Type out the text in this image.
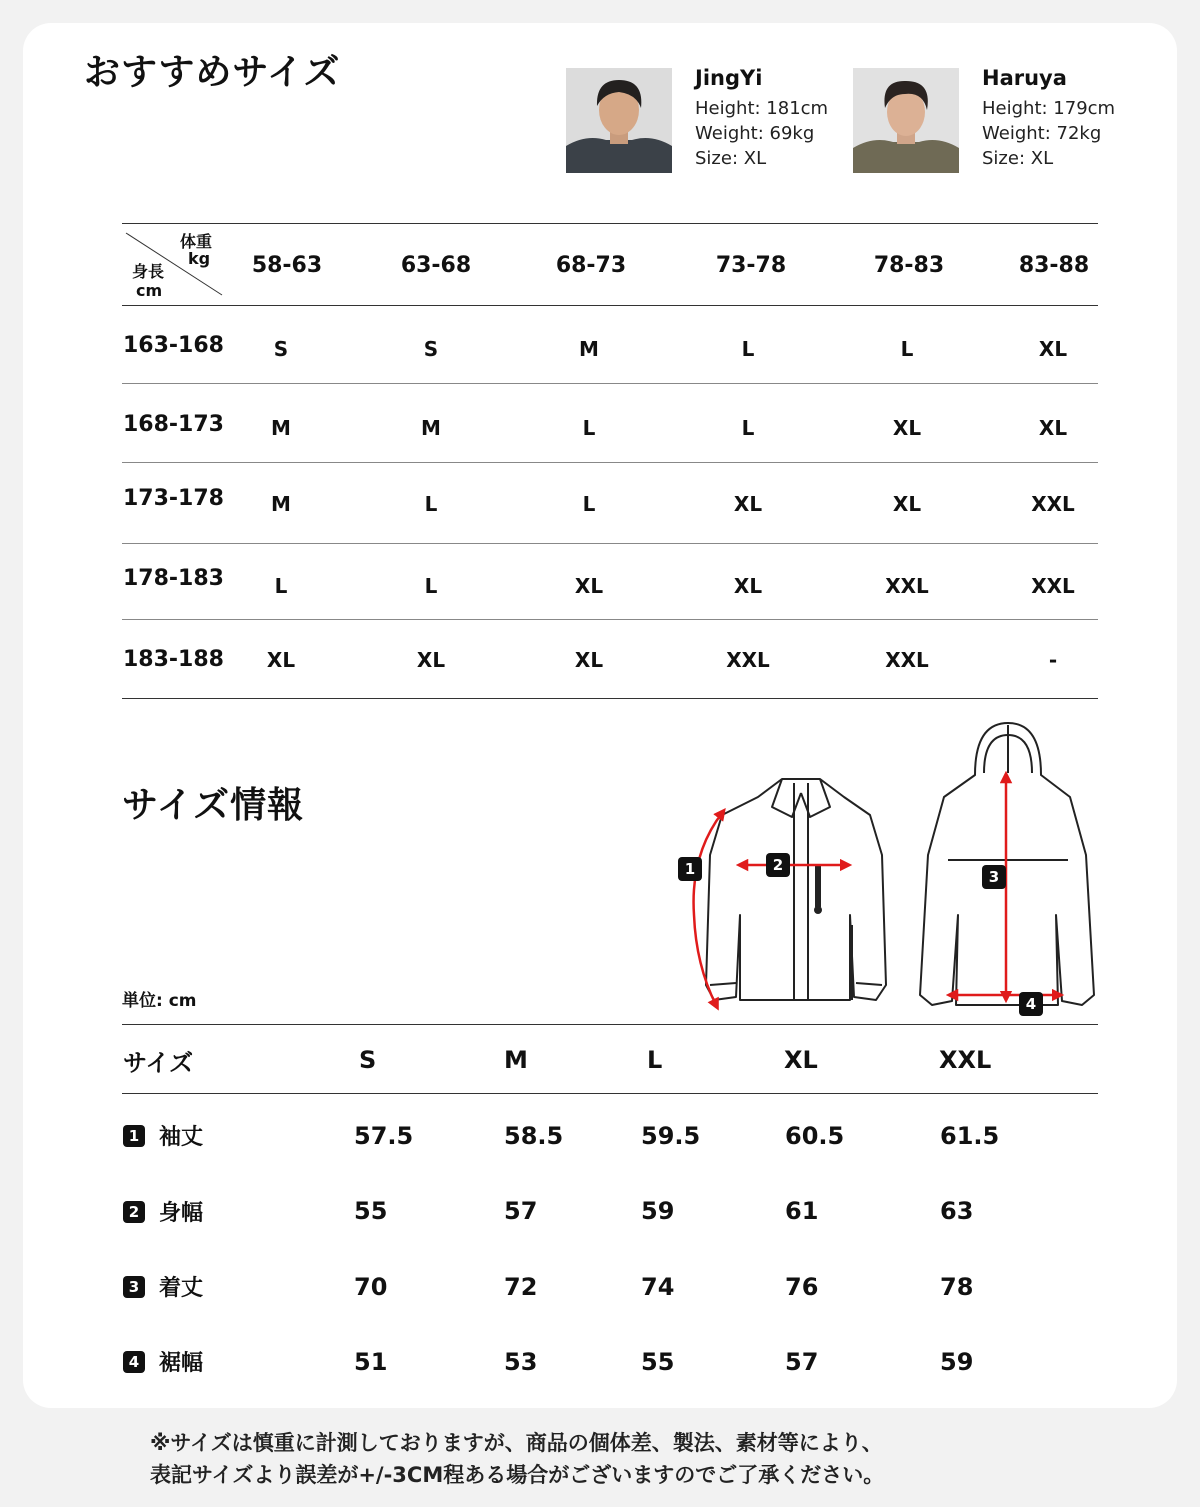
おすすめサイズ	JingYi
Height: 181cm
Weight: 69kg
Size: XL
Haruya
Height: 179cm
Weight: 72kg
Size: XL
体重
kg
身長
cm
58-63	63-68	68-73	73-78	78-83	83-88
163-168 S	S	M	L	L	XL
168-173 M	M	L	L	XL	XL
173-178 M	L	L	XL	XL	XXL
178-183	L	L	XL	XL	XXL	XXL
183-188 XL	XL	XL	XXL	XXL	-
サイズ情報
単位: cm
1	2
3
4
サイズ	S	M	L	XL	XXL
1 袖丈	57.5	58.5	59.5	60.5	61.5
2 身幅	55	57	59	61	63
3 着丈	70	72	74	76	78
4 裾幅	51	53	55	57	59
※サイズは慎重に計測しておりますが、商品の個体差、製法、素材等により、
表記サイズより誤差が+/-3CM程ある場合がございますのでご了承ください。
